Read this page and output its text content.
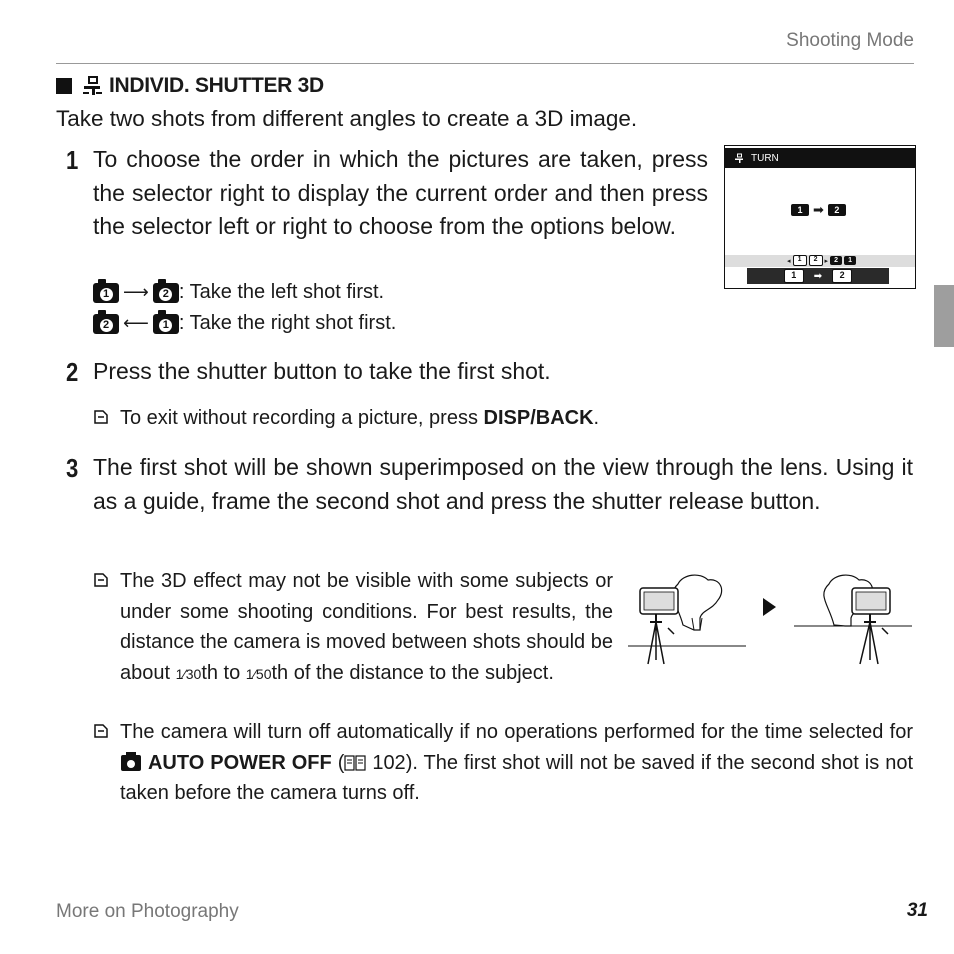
Shooting Mode
INDIVID. SHUTTER 3D
Take two shots from different angles to create a 3D image.
1 To choose the order in which the pictures are taken, press the selector right to display the current order and then press the selector left or right to choose from the options below.
1 ⟶	2 : Take the left shot first.
2 ⟵	1 : Take the right shot first.
TURN
1 ➡	2
◂	1	2	▸ 2	1
1	➡	2
2 Press the shutter button to take the first shot.
To exit without recording a picture, press DISP/BACK.
3 The first shot will be shown superimposed on the view through the lens. Using it as a guide, frame the second shot and press the shutter release button.
The 3D effect may not be visible with some subjects or under some shooting conditions. For best results, the distance the camera is moved between shots should be about 1⁄30th to 1⁄50th of the distance to the subject.
The camera will turn off automatically if no operations performed for the time selected for  AUTO POWER OFF ( 102). The first shot will not be saved if the second shot is not taken before the camera turns off.
More on Photography	31
